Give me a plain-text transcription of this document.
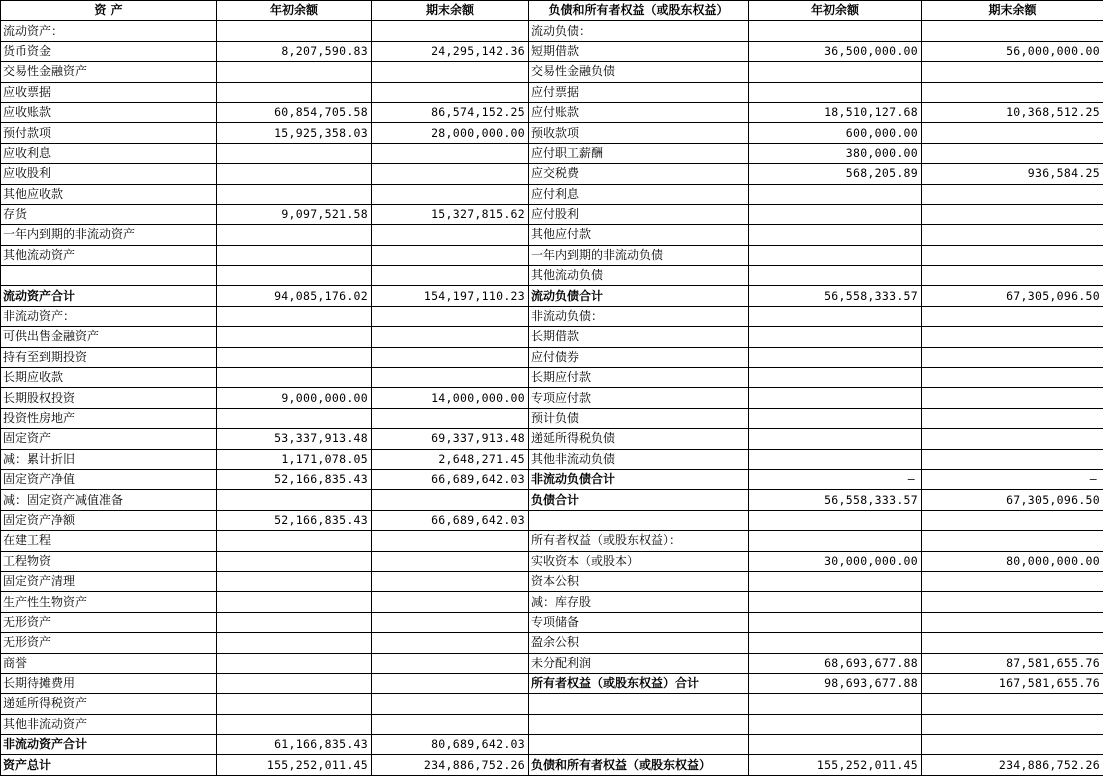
资 产	年初余额	期末余额	负债和所有者权益（或股东权益）	年初余额	期末余额
流动资产：			流动负债：		
货币资金	8,207,590.83	24,295,142.36	短期借款	36,500,000.00	56,000,000.00
交易性金融资产			交易性金融负债		
应收票据			应付票据		
应收账款	60,854,705.58	86,574,152.25	应付账款	18,510,127.68	10,368,512.25
预付款项	15,925,358.03	28,000,000.00	预收款项	600,000.00	
应收利息			应付职工薪酬	380,000.00	
应收股利			应交税费	568,205.89	936,584.25
其他应收款			应付利息		
存货	9,097,521.58	15,327,815.62	应付股利		
一年内到期的非流动资产			其他应付款		
其他流动资产			一年内到期的非流动负债		
			其他流动负债		
流动资产合计	94,085,176.02	154,197,110.23	流动负债合计	56,558,333.57	67,305,096.50
非流动资产：			非流动负债：		
可供出售金融资产			长期借款		
持有至到期投资			应付债券		
长期应收款			长期应付款		
长期股权投资	9,000,000.00	14,000,000.00	专项应付款		
投资性房地产			预计负债		
固定资产	53,337,913.48	69,337,913.48	递延所得税负债		
减：累计折旧	1,171,078.05	2,648,271.45	其他非流动负债		
固定资产净值	52,166,835.43	66,689,642.03	非流动负债合计	–	–
减：固定资产减值准备			负债合计	56,558,333.57	67,305,096.50
固定资产净额	52,166,835.43	66,689,642.03			
在建工程			所有者权益（或股东权益）：		
工程物资			实收资本（或股本）	30,000,000.00	80,000,000.00
固定资产清理			资本公积		
生产性生物资产			减：库存股		
无形资产			专项储备		
无形资产			盈余公积		
商誉			未分配利润	68,693,677.88	87,581,655.76
长期待摊费用			所有者权益（或股东权益）合计	98,693,677.88	167,581,655.76
递延所得税资产					
其他非流动资产					
非流动资产合计	61,166,835.43	80,689,642.03			
资产总计	155,252,011.45	234,886,752.26	负债和所有者权益（或股东权益）	155,252,011.45	234,886,752.26
